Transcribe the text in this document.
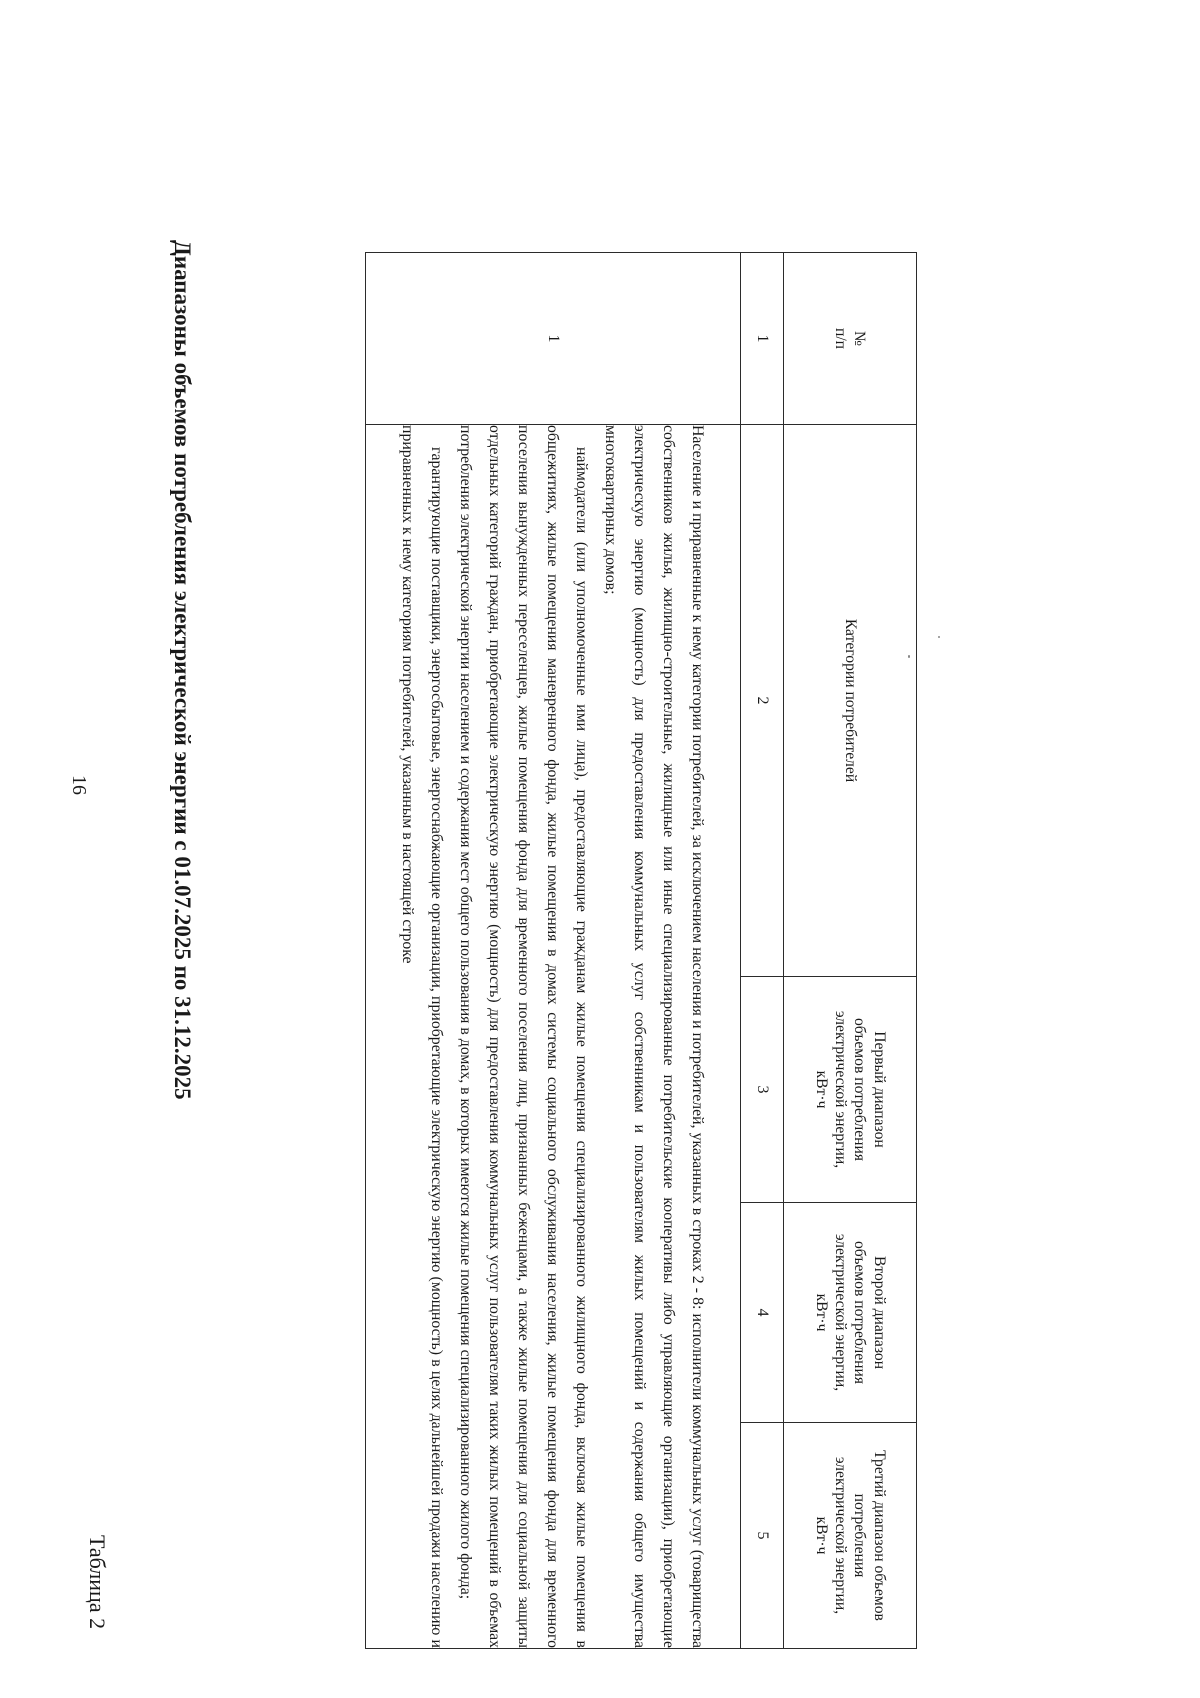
16
Таблица 2
Диапазоны объемов потребления электрической энергии с 01.07.2025 по 31.12.2025	№
п/п	Категории потребителей	Первый диапазон
объемов потребления
электрической энергии,
кВт·ч	Второй диапазон
объемов потребления
электрической энергии,
кВт·ч	Третий диапазон объемов
потребления
электрической энергии,
кВт·ч
1	2	3	4	5
1	Население и приравненные к нему категории потребителей, за исключением населения и потребителей, указанных в строках 2 - 8: исполнители коммунальных услуг (товарищества собственников жилья, жилищно-строительные, жилищные или иные специализированные потребительские кооперативы либо управляющие организации), приобретающие электрическую энергию (мощность) для предоставления коммунальных услуг собственникам и пользователям жилых помещений и содержания общего имущества многоквартирных домов;

наймодатели (или уполномоченные ими лица), предоставляющие гражданам жилые помещения специализированного жилищного фонда, включая жилые помещения в общежитиях, жилые помещения маневренного фонда, жилые помещения в домах системы социального обслуживания населения, жилые помещения фонда для временного поселения вынужденных переселенцев, жилые помещения фонда для временного поселения лиц, признанных беженцами, а также жилые помещения для социальной защиты отдельных категорий граждан, приобретающие электрическую энергию (мощность) для предоставления коммунальных услуг пользователям таких жилых помещений в объемах потребления электрической энергии населением и содержания мест общего пользования в домах, в которых имеются жилые помещения специализированного жилого фонда;

гарантирующие поставщики, энергосбытовые, энергоснабжающие организации, приобретающие электрическую энергию (мощность) в целях дальнейшей продажи населению и приравненных к нему категориям потребителей, указанным в настоящей строке			
